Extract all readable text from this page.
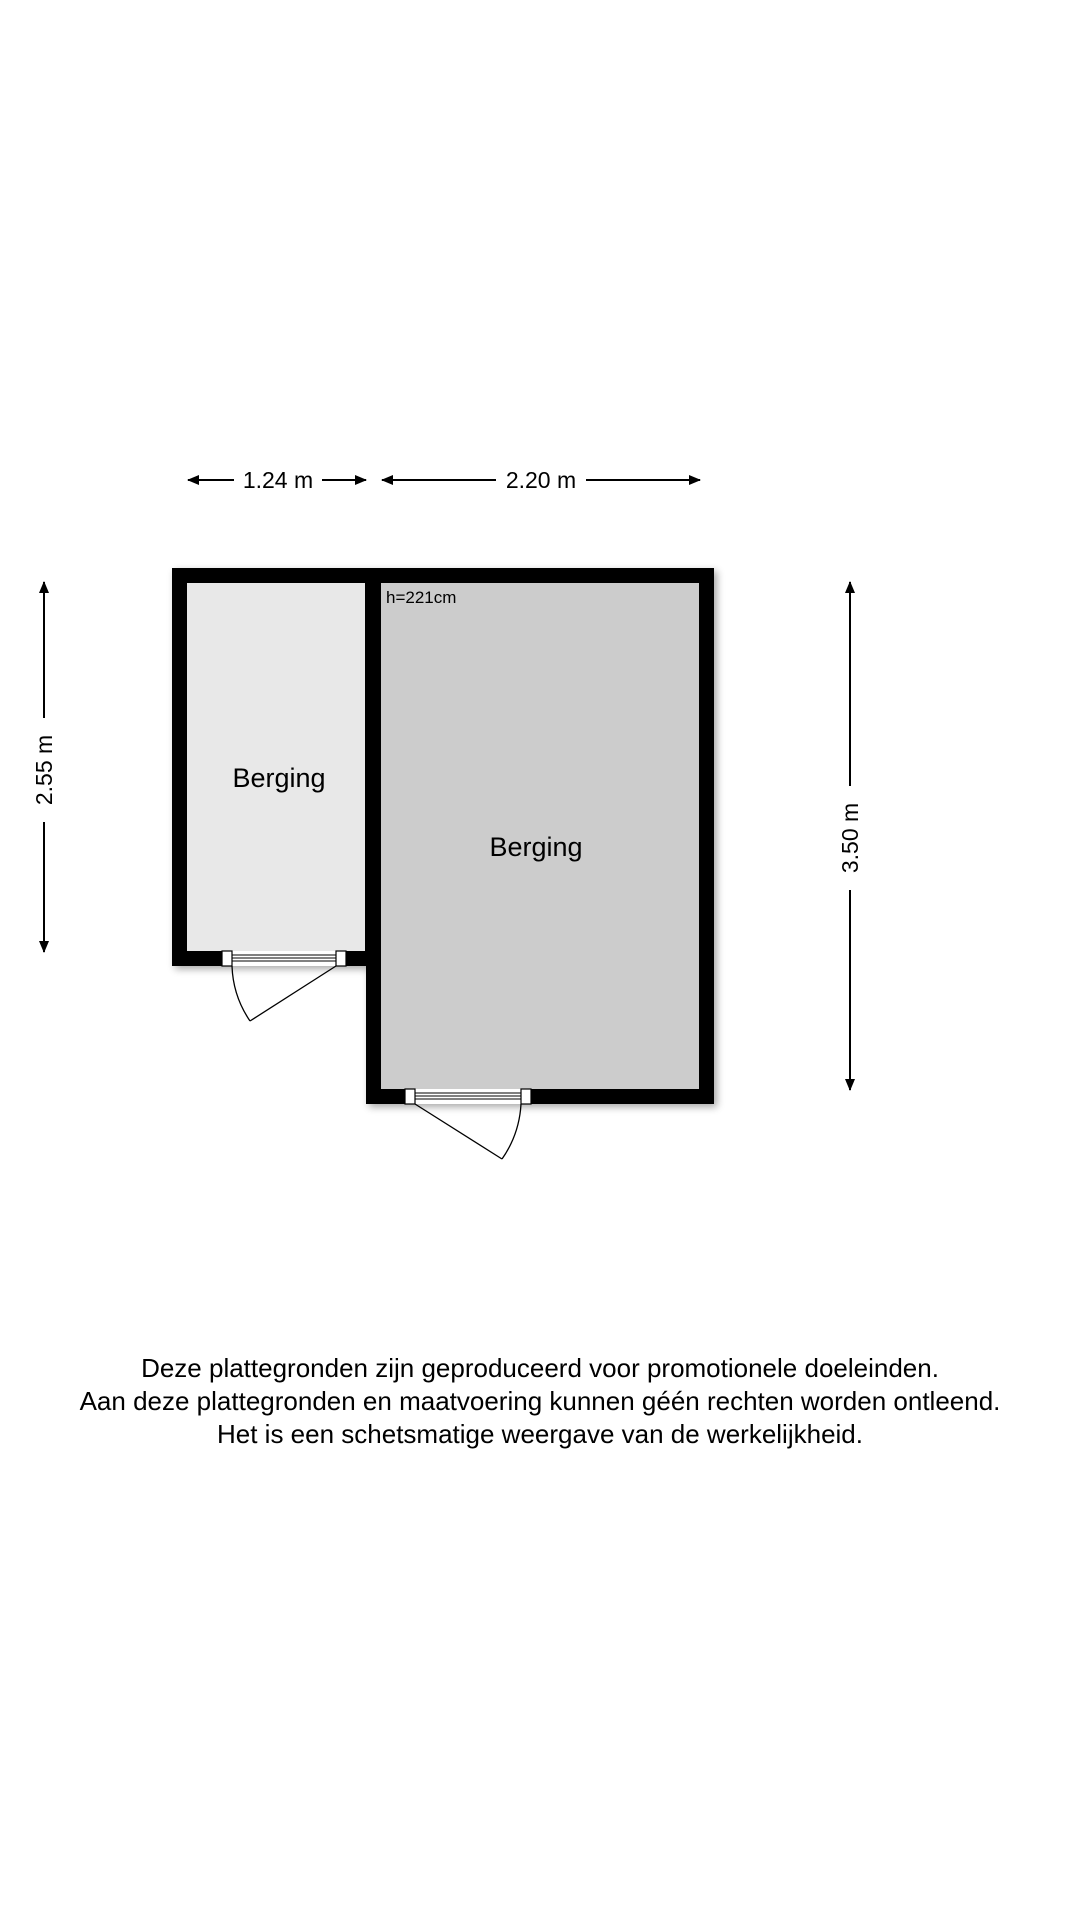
1.24 m	2.20 m
2.55 m
3.50 m
Berging
Berging
h=221cm
Deze plattegronden zijn geproduceerd voor promotionele doeleinden.
Aan deze plattegronden en maatvoering kunnen géén rechten worden ontleend.
Het is een schetsmatige weergave van de werkelijkheid.
